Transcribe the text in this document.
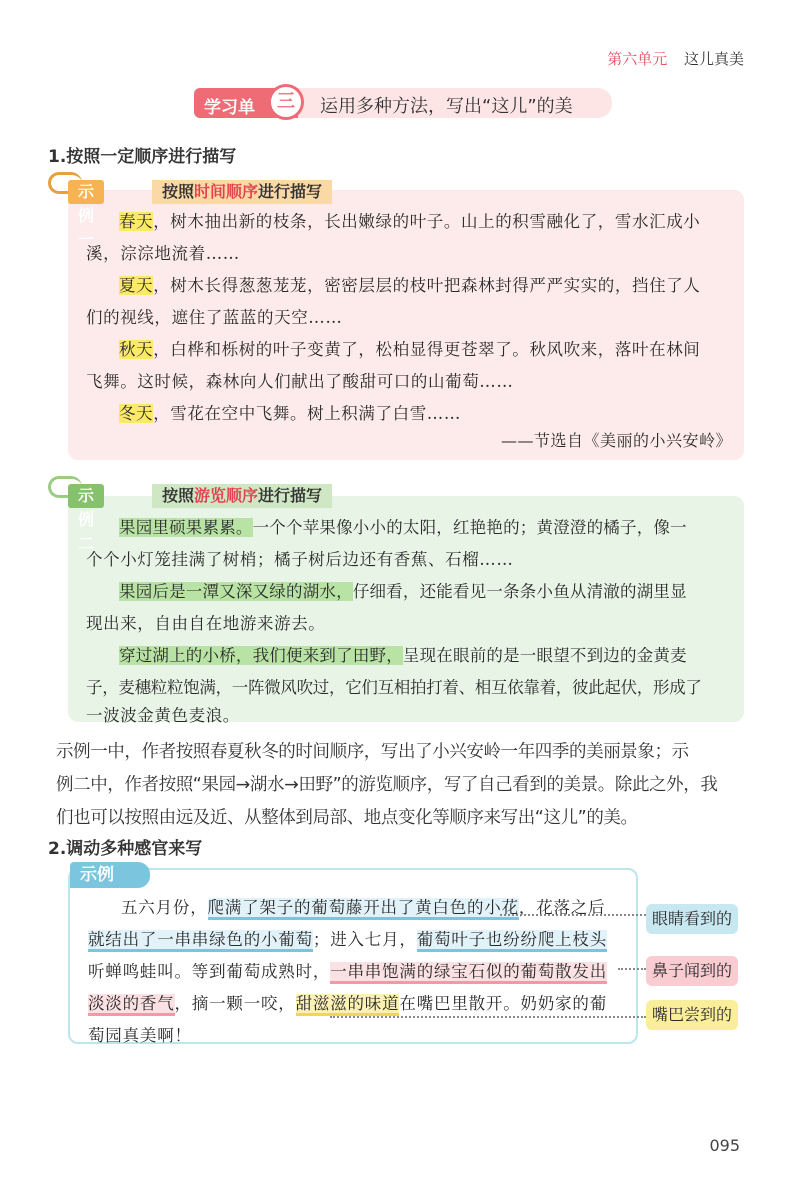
第六单元 这儿真美
学习单	三	运用多种方法，写出“这儿”的美
1.按照一定顺序进行描写
示例一
按照时间顺序进行描写
春天，树木抽出新的枝条，长出嫩绿的叶子。山上的积雪融化了，雪水汇成小
溪，淙淙地流着……
夏天，树木长得葱葱茏茏，密密层层的枝叶把森林封得严严实实的，挡住了人
们的视线，遮住了蓝蓝的天空……
秋天，白桦和栎树的叶子变黄了，松柏显得更苍翠了。秋风吹来，落叶在林间
飞舞。这时候，森林向人们献出了酸甜可口的山葡萄……
冬天，雪花在空中飞舞。树上积满了白雪……
——节选自《美丽的小兴安岭》
示例二
按照游览顺序进行描写
果园里硕果累累。一个个苹果像小小的太阳，红艳艳的；黄澄澄的橘子，像一
个个小灯笼挂满了树梢；橘子树后边还有香蕉、石榴……
果园后是一潭又深又绿的湖水，仔细看，还能看见一条条小鱼从清澈的湖里显
现出来，自由自在地游来游去。
穿过湖上的小桥，我们便来到了田野，呈现在眼前的是一眼望不到边的金黄麦
子，麦穗粒粒饱满，一阵微风吹过，它们互相拍打着、相互依靠着，彼此起伏，形成了
一波波金黄色麦浪。
示例一中，作者按照春夏秋冬的时间顺序，写出了小兴安岭一年四季的美丽景象；示
例二中，作者按照“果园→湖水→田野”的游览顺序，写了自己看到的美景。除此之外，我
们也可以按照由远及近、从整体到局部、地点变化等顺序来写出“这儿”的美。
2.调动多种感官来写
示例
五六月份，爬满了架子的葡萄藤开出了黄白色的小花，花落之后
就结出了一串串绿色的小葡萄；进入七月，葡萄叶子也纷纷爬上枝头
听蝉鸣蛙叫。等到葡萄成熟时，一串串饱满的绿宝石似的葡萄散发出
淡淡的香气，摘一颗一咬，甜滋滋的味道在嘴巴里散开。奶奶家的葡
萄园真美啊！
眼睛看到的
鼻子闻到的
嘴巴尝到的
095
